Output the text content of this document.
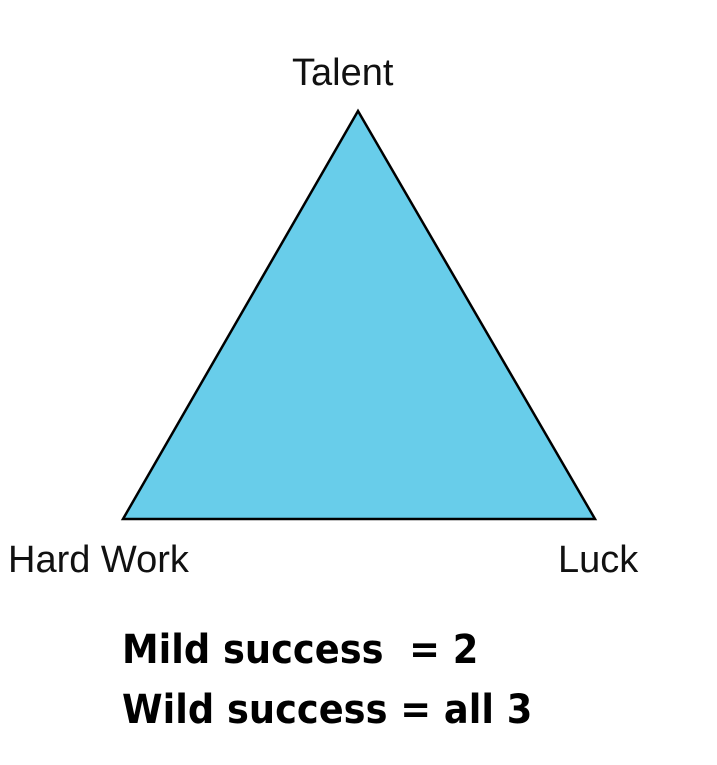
Talent
Hard Work	Luck
Mild success  = 2
Wild success = all 3
